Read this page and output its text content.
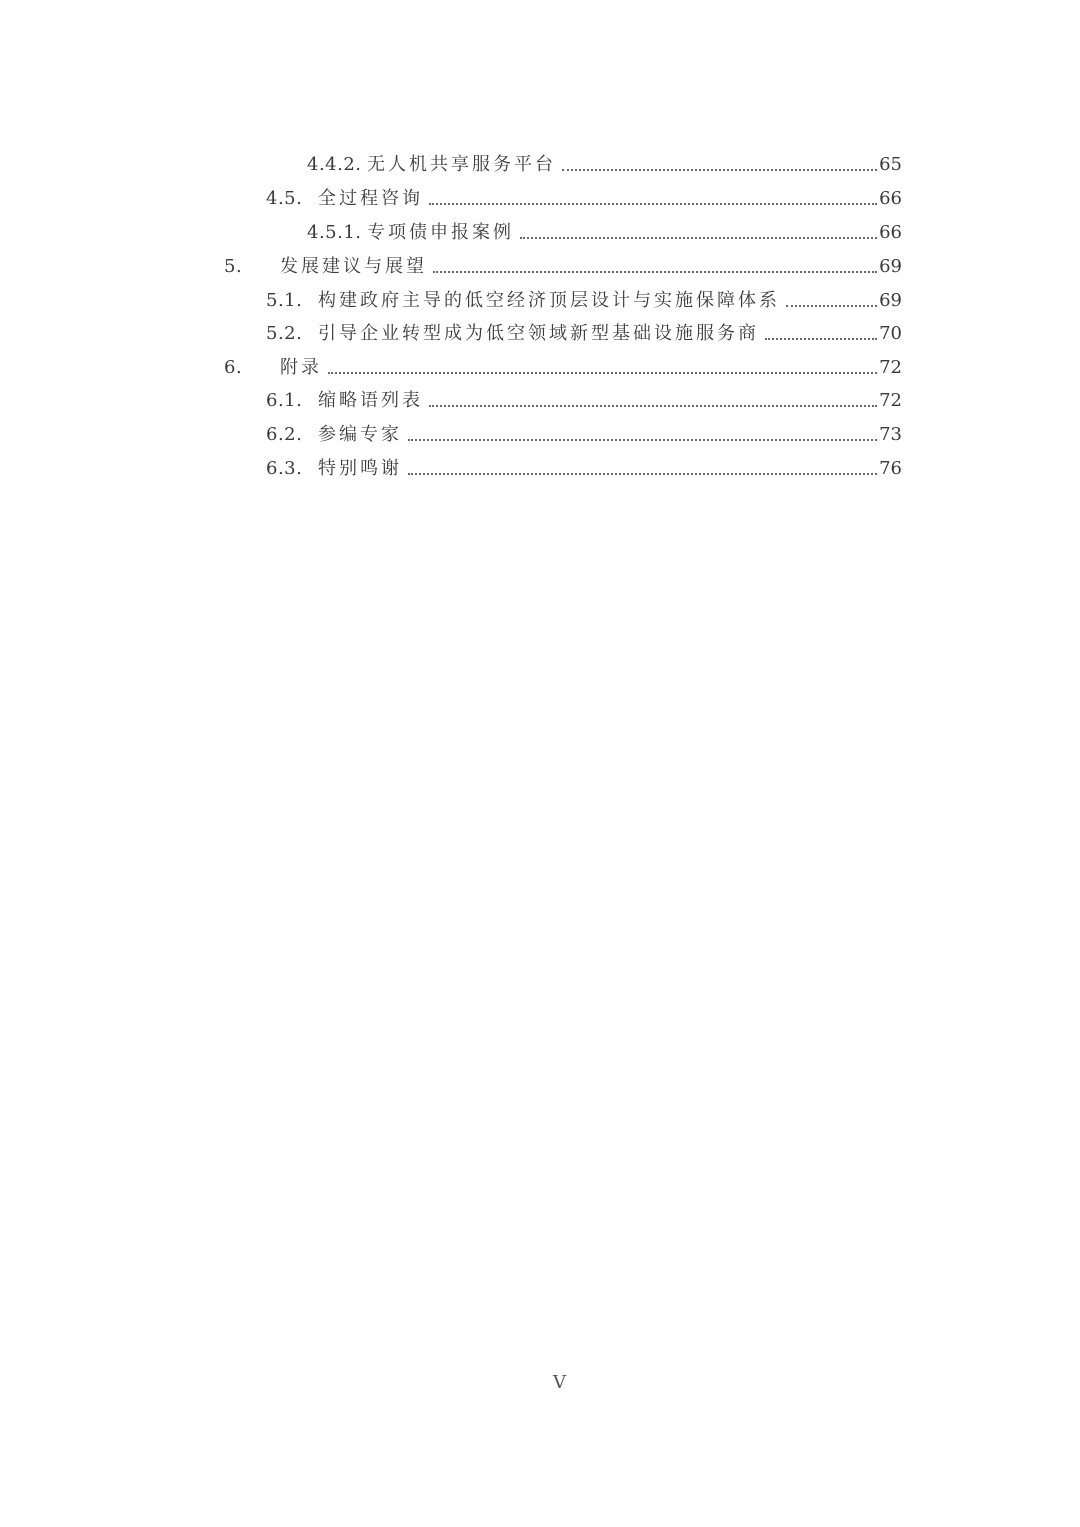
4.4.2. 无人机共享服务平台	65
4.5. 全过程咨询	66
4.5.1. 专项债申报案例	66
5.	发展建议与展望	69
5.1. 构建政府主导的低空经济顶层设计与实施保障体系	69
5.2. 引导企业转型成为低空领域新型基础设施服务商	70
6.	附录	72
6.1. 缩略语列表	72
6.2. 参编专家	73
6.3. 特别鸣谢	76
V
